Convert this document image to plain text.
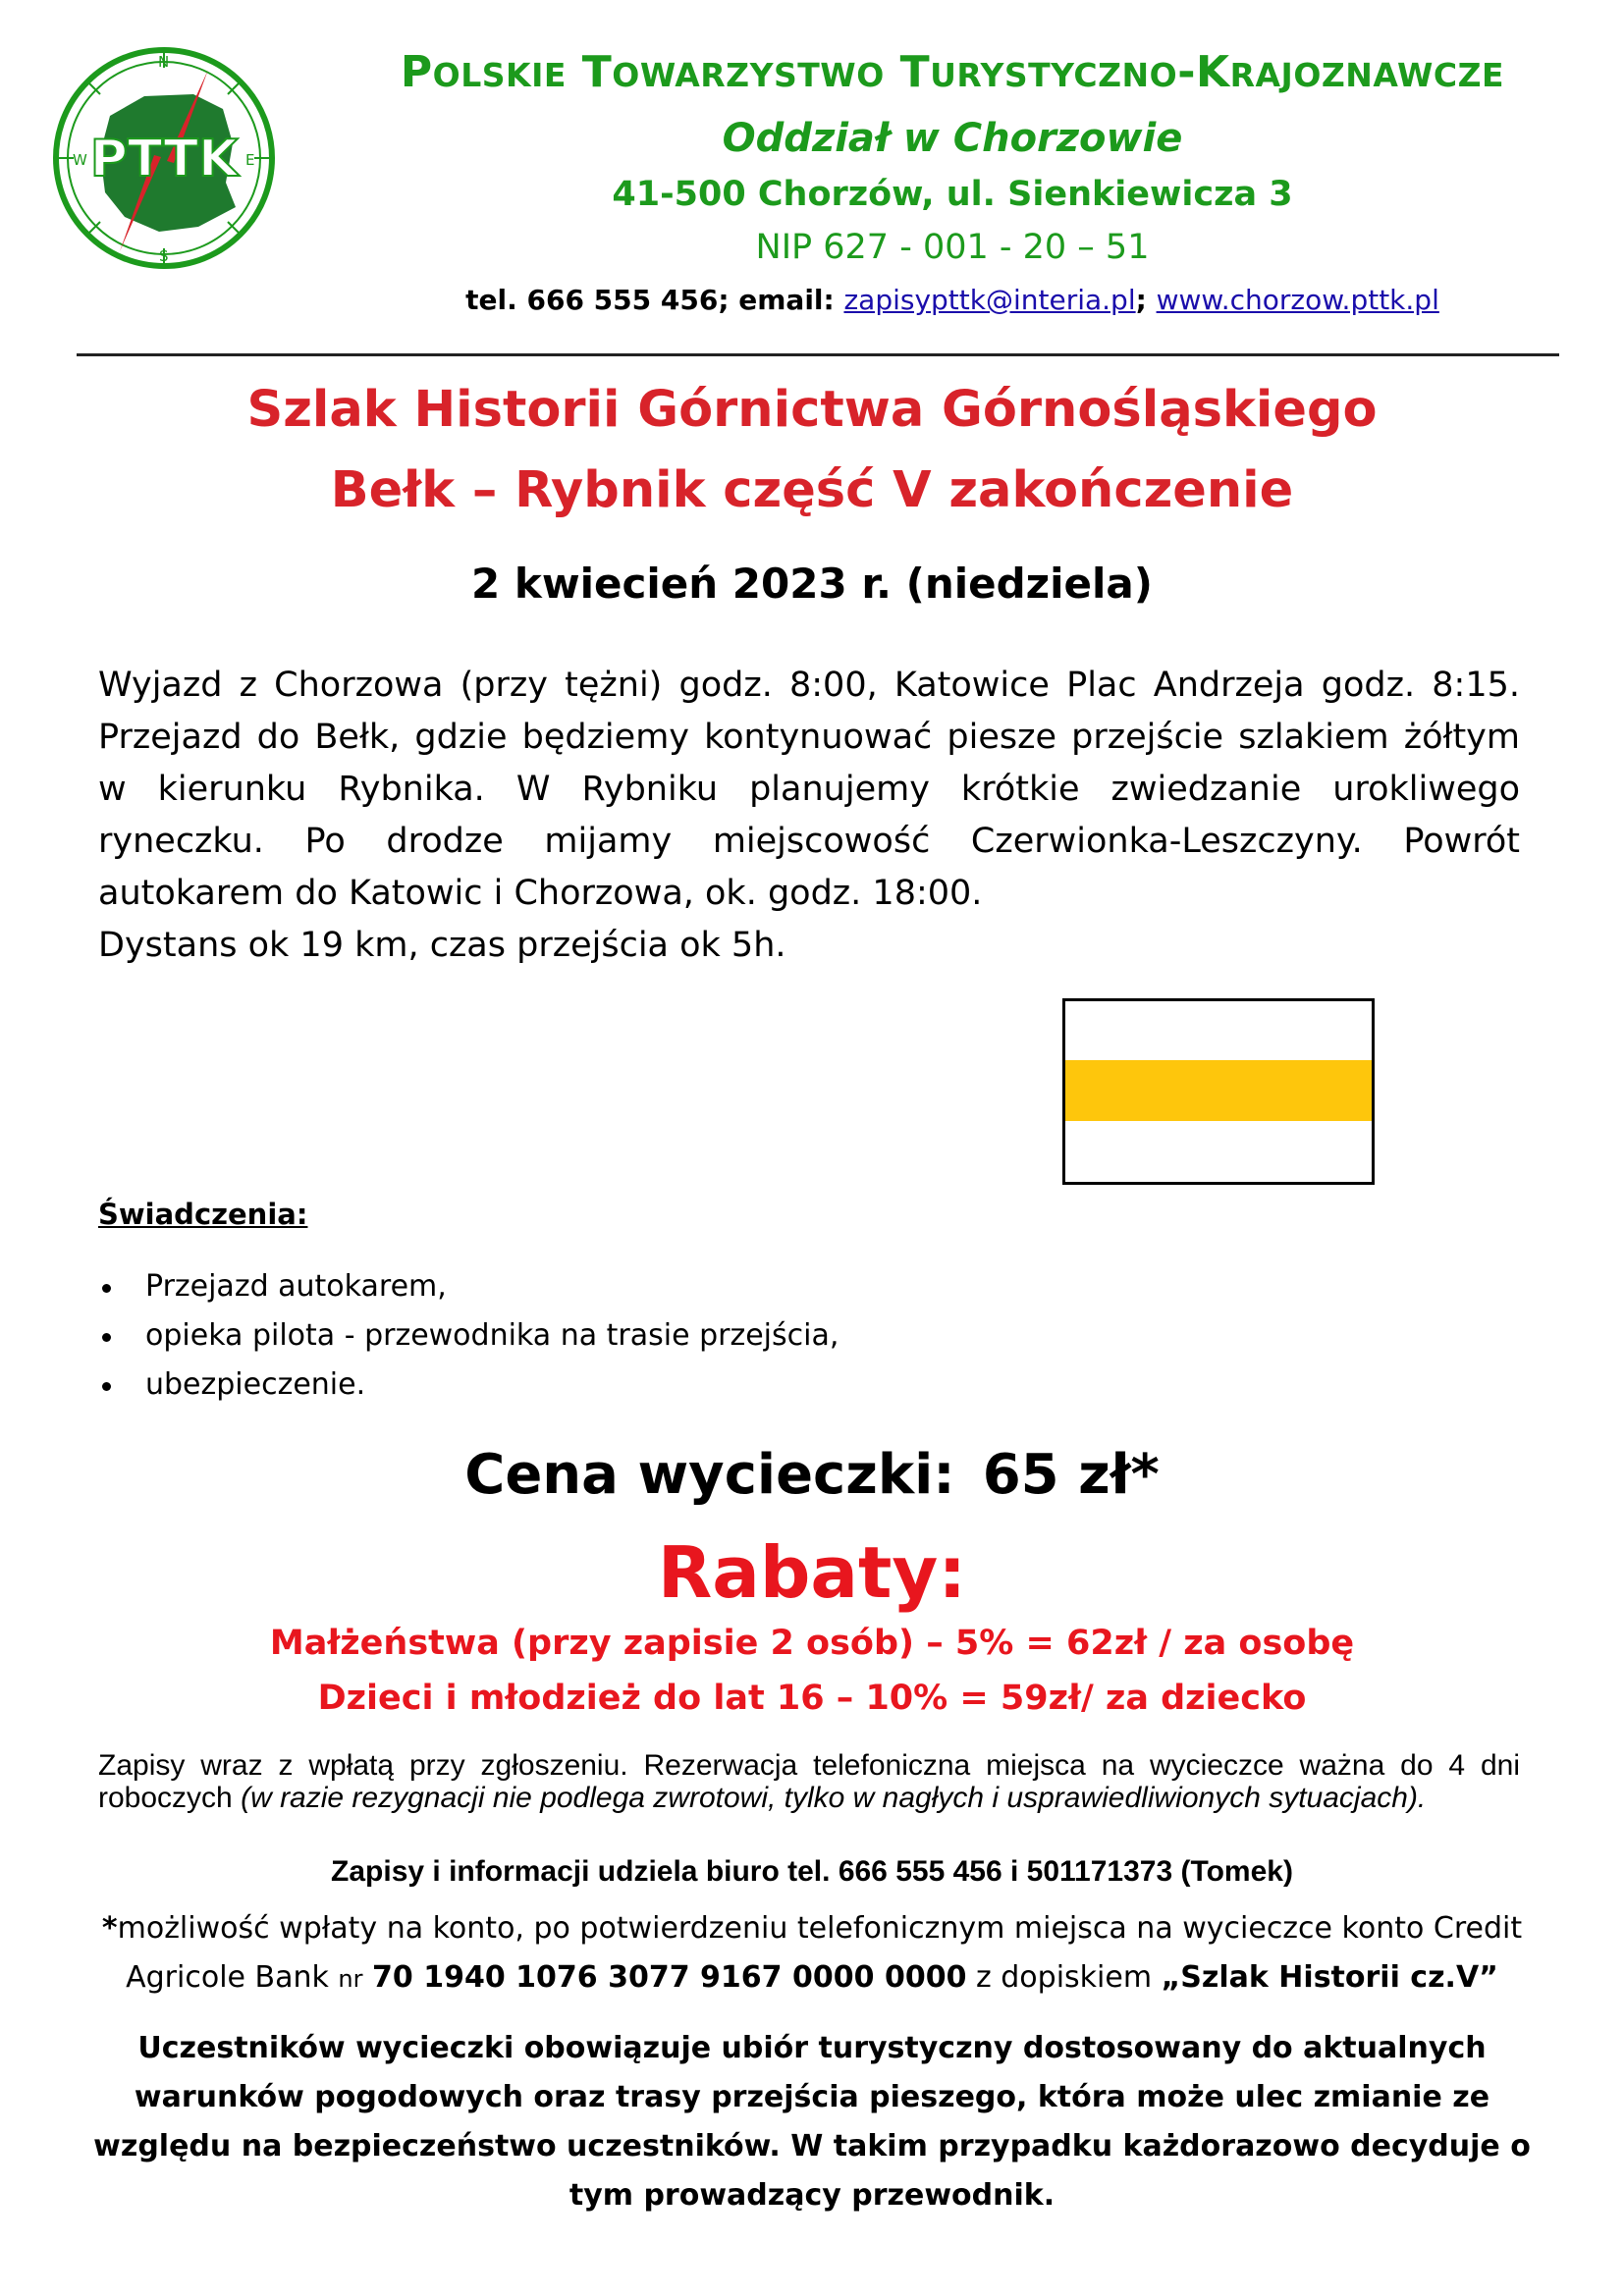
W	E
N
S
PTTK
POLSKIE TOWARZYSTWO TURYSTYCZNO-KRAJOZNAWCZE
Oddział w Chorzowie
41-500 Chorzów, ul. Sienkiewicza 3
NIP 627 - 001 - 20 – 51
tel. 666 555 456; email: zapisypttk@interia.pl; www.chorzow.pttk.pl
Szlak Historii Górnictwa Górnośląskiego
Bełk – Rybnik część V zakończenie
2 kwiecień 2023 r. (niedziela)

Wyjazd z Chorzowa (przy tężni) godz. 8:00, Katowice Plac Andrzeja godz. 8:15. Przejazd do Bełk, gdzie będziemy kontynuować piesze przejście szlakiem żółtym w kierunku Rybnika. W Rybniku planujemy krótkie zwiedzanie urokliwego ryneczku. Po drodze mijamy miejscowość Czerwionka-Leszczyny. Powrót autokarem do Katowic i Chorzowa, ok. godz. 18:00.

Dystans ok 19 km, czas przejścia ok 5h.

Świadczenia:
Przejazd autokarem,
opieka pilota - przewodnika na trasie przejścia,
ubezpieczenie.
Cena wycieczki: 65 zł*
Rabaty:
Małżeństwa (przy zapisie 2 osób) – 5% = 62zł / za osobę
Dzieci i młodzież do lat 16 – 10% = 59zł/ za dziecko
Zapisy wraz z wpłatą przy zgłoszeniu. Rezerwacja telefoniczna miejsca na wycieczce ważna do 4 dni roboczych (w razie rezygnacji nie podlega zwrotowi, tylko w nagłych i usprawiedliwionych sytuacjach).
Zapisy i informacji udziela biuro tel. 666 555 456 i 501171373 (Tomek)
*możliwość wpłaty na konto, po potwierdzeniu telefonicznym miejsca na wycieczce konto Credit Agricole Bank nr 70 1940 1076 3077 9167 0000 0000 z dopiskiem „Szlak Historii cz.V”
Uczestników wycieczki obowiązuje ubiór turystyczny dostosowany do aktualnych warunków pogodowych oraz trasy przejścia pieszego, która może ulec zmianie ze względu na bezpieczeństwo uczestników. W takim przypadku każdorazowo decyduje o tym prowadzący przewodnik.
